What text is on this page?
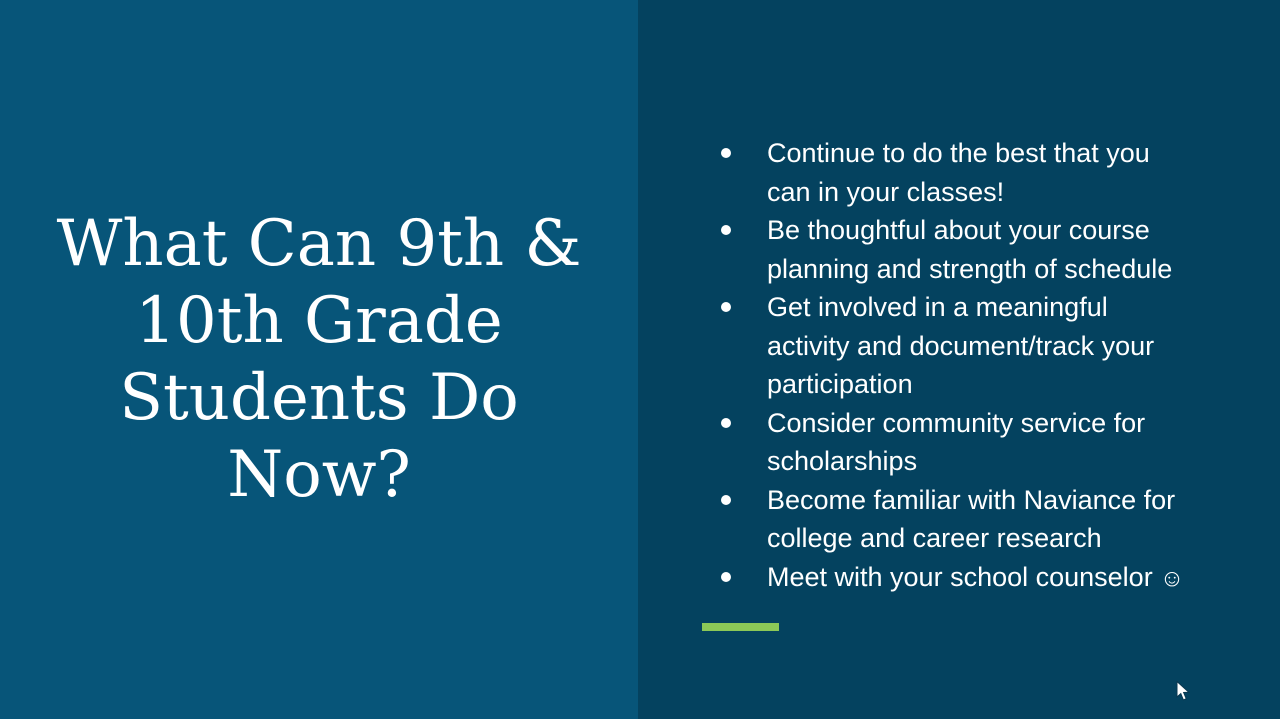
What Can 9th &
10th Grade
Students Do
Now?
Continue to do the best that you can in your classes!
Be thoughtful about your course planning and strength of schedule
Get involved in a meaningful activity and document/track your participation
Consider community service for scholarships
Become familiar with Naviance for college and career research
Meet with your school counselor ☺
